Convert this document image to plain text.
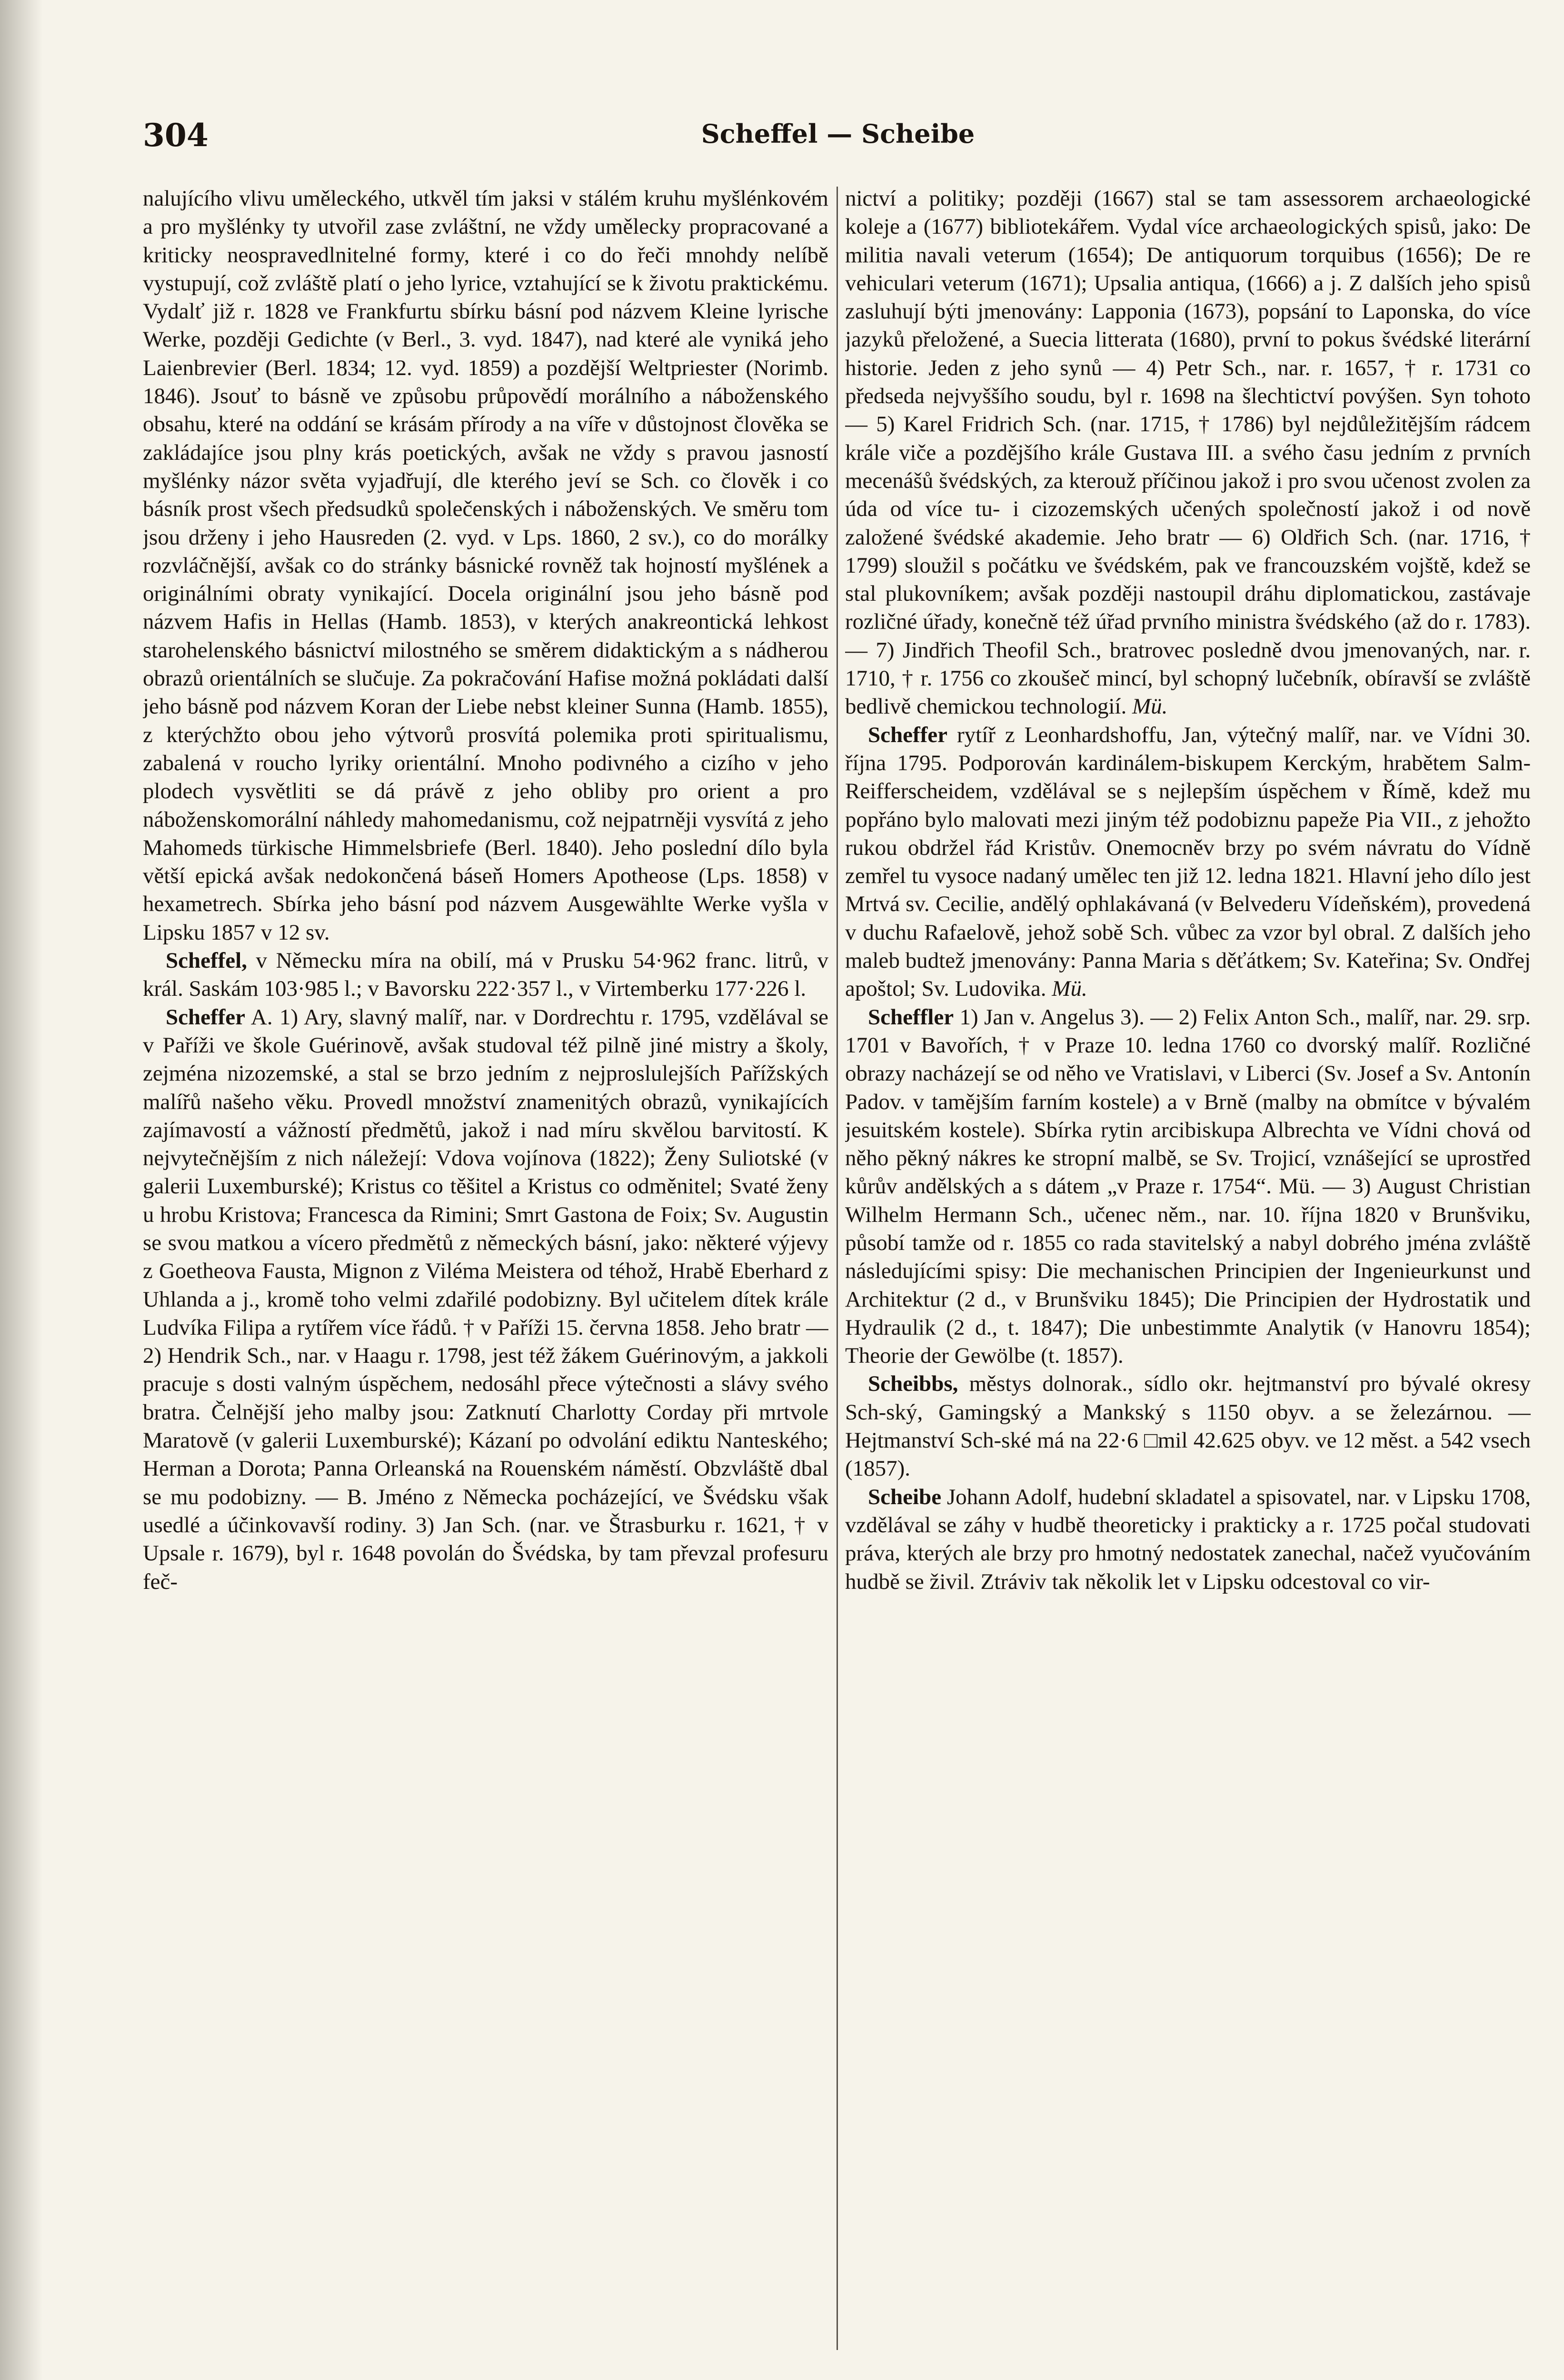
304	Scheffel — Scheibe

nalujícího vlivu uměleckého, utkvěl tím jaksi v stálém kruhu myšlénkovém a pro myšlénky ty utvořil zase zvláštní, ne vždy umělecky propracované a kriticky neospravedlnitelné formy, které i co do řeči mnohdy nelíbě vystupují, což zvláště platí o jeho lyrice, vztahující se k životu praktickému. Vydalť již r. 1828 ve Frankfurtu sbírku básní pod názvem Kleine lyrische Werke, později Gedichte (v Berl., 3. vyd. 1847), nad které ale vyniká jeho Laienbrevier (Berl. 1834; 12. vyd. 1859) a pozdější Weltpriester (Norimb. 1846). Jsouť to básně ve způsobu průpovědí morálního a náboženského obsahu, které na oddání se krásám přírody a na víře v důstojnost člověka se zakládajíce jsou plny krás poetických, avšak ne vždy s pravou jasností myšlénky názor světa vyjadřují, dle kterého jeví se Sch. co člověk i co básník prost všech předsudků společenských i náboženských. Ve směru tom jsou drženy i jeho Hausreden (2. vyd. v Lps. 1860, 2 sv.), co do morálky rozvláčnější, avšak co do stránky básnické rovněž tak hojností myšlének a originálními obraty vynikající. Docela originální jsou jeho básně pod názvem Hafis in Hellas (Hamb. 1853), v kterých anakreontická lehkost starohelenského básnictví milostného se směrem didaktickým a s nádherou obrazů orientálních se slučuje. Za pokračování Hafise možná pokládati další jeho básně pod názvem Koran der Liebe nebst kleiner Sunna (Hamb. 1855), z kterýchžto obou jeho výtvorů prosvítá polemika proti spiritualismu, zabalená v roucho lyriky orientální. Mnoho podivného a cizího v jeho plodech vysvětliti se dá právě z jeho obliby pro orient a pro náboženskomorální náhledy mahomedanismu, což nejpatrněji vysvítá z jeho Mahomeds türkische Himmelsbriefe (Berl. 1840). Jeho poslední dílo byla větší epická avšak nedokončená báseň Homers Apotheose (Lps. 1858) v hexametrech. Sbírka jeho básní pod názvem Ausgewählte Werke vyšla v Lipsku 1857 v 12 sv.

Scheffel, v Německu míra na obilí, má v Prusku 54·962 franc. litrů, v král. Saskám 103·985 l.; v Bavorsku 222·357 l., v Virtemberku 177·226 l.

Scheffer A. 1) Ary, slavný malíř, nar. v Dordrechtu r. 1795, vzdělával se v Paříži ve škole Guérinově, avšak studoval též pilně jiné mistry a školy, zejména nizozemské, a stal se brzo jedním z nejproslulejších Pařížských malířů našeho věku. Provedl množství znamenitých obrazů, vynikajících zajímavostí a vážností předmětů, jakož i nad míru skvělou barvitostí. K nejvytečnějším z nich náležejí: Vdova vojínova (1822); Ženy Suliotské (v galerii Luxemburské); Kristus co těšitel a Kristus co odměnitel; Svaté ženy u hrobu Kristova; Francesca da Rimini; Smrt Gastona de Foix; Sv. Augustin se svou matkou a vícero předmětů z německých básní, jako: některé výjevy z Goetheova Fausta, Mignon z Viléma Meistera od téhož, Hrabě Eberhard z Uhlanda a j., kromě toho velmi zdařilé podobizny. Byl učitelem dítek krále Ludvíka Filipa a rytířem více řádů. † v Paříži 15. června 1858. Jeho bratr — 2) Hendrik Sch., nar. v Haagu r. 1798, jest též žákem Guérinovým, a jakkoli pracuje s dosti valným úspěchem, nedosáhl přece výtečnosti a slávy svého bratra. Čelnější jeho malby jsou: Zatknutí Charlotty Corday při mrtvole Maratově (v galerii Luxemburské); Kázaní po odvolání ediktu Nanteského; Herman a Dorota; Panna Orleanská na Rouenském náměstí. Obzvláště dbal se mu podobizny. — B. Jméno z Německa pocházející, ve Švédsku však usedlé a účinkovavší rodiny. 3) Jan Sch. (nar. ve Štrasburku r. 1621, † v Upsale r. 1679), byl r. 1648 povolán do Švédska, by tam převzal profesuru feč-

nictví a politiky; později (1667) stal se tam assessorem archaeologické koleje a (1677) bibliotekářem. Vydal více archaeologických spisů, jako: De militia navali veterum (1654); De antiquorum torquibus (1656); De re vehiculari veterum (1671); Upsalia antiqua, (1666) a j. Z dalších jeho spisů zasluhují býti jmenovány: Lapponia (1673), popsání to Laponska, do více jazyků přeložené, a Suecia litterata (1680), první to pokus švédské literární historie. Jeden z jeho synů — 4) Petr Sch., nar. r. 1657, † r. 1731 co předseda nejvyššího soudu, byl r. 1698 na šlechtictví povýšen. Syn tohoto — 5) Karel Fridrich Sch. (nar. 1715, † 1786) byl nejdůležitějším rádcem krále viče a pozdějšího krále Gustava III. a svého času jedním z prvních mecenášů švédských, za kterouž příčinou jakož i pro svou učenost zvolen za úda od více tu- i cizozemských učených společností jakož i od nově založené švédské akademie. Jeho bratr — 6) Oldřich Sch. (nar. 1716, † 1799) sloužil s počátku ve švédském, pak ve francouzském vojště, kdež se stal plukovníkem; avšak později nastoupil dráhu diplomatickou, zastávaje rozličné úřady, konečně též úřad prvního ministra švédského (až do r. 1783). — 7) Jindřich Theofil Sch., bratrovec posledně dvou jmenovaných, nar. r. 1710, † r. 1756 co zkoušeč mincí, byl schopný lučebník, obíravší se zvláště bedlivě chemickou technologií. Mü.

Scheffer rytíř z Leonhardshoffu, Jan, výtečný malíř, nar. ve Vídni 30. října 1795. Podporován kardinálem-biskupem Kerckým, hrabětem Salm-Reifferscheidem, vzdělával se s nejlepším úspěchem v Římě, kdež mu popřáno bylo malovati mezi jiným též podobiznu papeže Pia VII., z jehožto rukou obdržel řád Kristův. Onemocněv brzy po svém návratu do Vídně zemřel tu vysoce nadaný umělec ten již 12. ledna 1821. Hlavní jeho dílo jest Mrtvá sv. Cecilie, andělý ophlakávaná (v Belvederu Vídeňském), provedená v duchu Rafaelově, jehož sobě Sch. vůbec za vzor byl obral. Z dalších jeho maleb budtež jmenovány: Panna Maria s děťátkem; Sv. Kateřina; Sv. Ondřej apoštol; Sv. Ludovika. Mü.

Scheffler 1) Jan v. Angelus 3). — 2) Felix Anton Sch., malíř, nar. 29. srp. 1701 v Bavořích, † v Praze 10. ledna 1760 co dvorský malíř. Rozličné obrazy nacházejí se od něho ve Vratislavi, v Liberci (Sv. Josef a Sv. Antonín Padov. v tamějším farním kostele) a v Brně (malby na obmítce v bývalém jesuitském kostele). Sbírka rytin arcibiskupa Albrechta ve Vídni chová od něho pěkný nákres ke stropní malbě, se Sv. Trojicí, vznášející se uprostřed kůrův andělských a s dátem „v Praze r. 1754“. Mü. — 3) August Christian Wilhelm Hermann Sch., učenec něm., nar. 10. října 1820 v Brunšviku, působí tamže od r. 1855 co rada stavitelský a nabyl dobrého jména zvláště následujícími spisy: Die mechanischen Principien der Ingenieurkunst und Architektur (2 d., v Brunšviku 1845); Die Principien der Hydrostatik und Hydraulik (2 d., t. 1847); Die unbestimmte Analytik (v Hanovru 1854); Theorie der Gewölbe (t. 1857).

Scheibbs, městys dolnorak., sídlo okr. hejtmanství pro bývalé okresy Sch-ský, Gamingský a Mankský s 1150 obyv. a se železárnou. — Hejtmanství Sch-ské má na 22·6 □mil 42.625 obyv. ve 12 měst. a 542 vsech (1857).

Scheibe Johann Adolf, hudební skladatel a spisovatel, nar. v Lipsku 1708, vzdělával se záhy v hudbě theoreticky i prakticky a r. 1725 počal studovati práva, kterých ale brzy pro hmotný nedostatek zanechal, načež vyučováním hudbě se živil. Ztráviv tak několik let v Lipsku odcestoval co vir-
